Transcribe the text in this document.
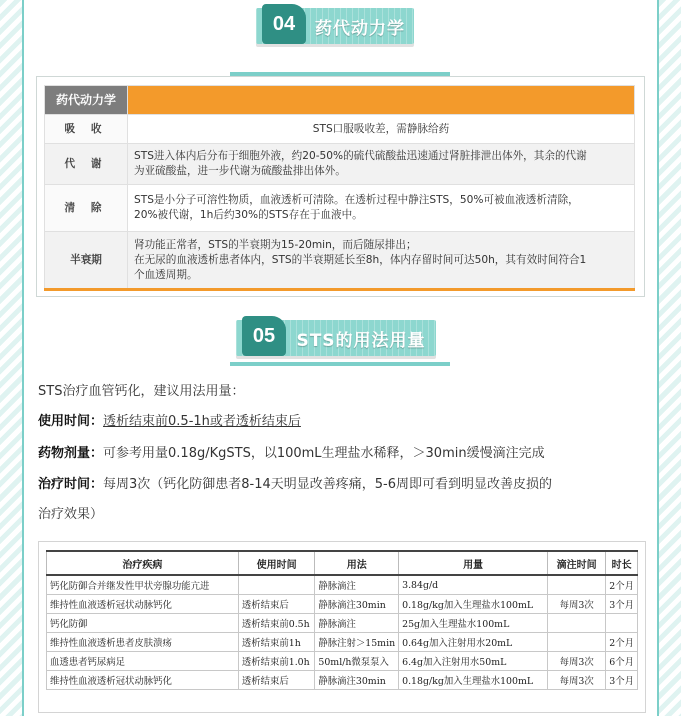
04	药代动力学
药代动力学	
吸 收	STS口服吸收差，需静脉给药
代 谢	STS进入体内后分布于细胞外液，约20-50%的硫代硫酸盐迅速通过肾脏排泄出体外，其余的代谢
为亚硫酸盐，进一步代谢为硫酸盐排出体外。

清 除	STS是小分子可溶性物质，血液透析可清除。在透析过程中静注STS，50%可被血液透析清除，
20%被代谢，1h后约30%的STS存在于血液中。

半衰期	肾功能正常者，STS的半衰期为15-20min，而后随尿排出；
在无尿的血液透析患者体内，STS的半衰期延长至8h，体内存留时间可达50h，其有效时间符合1
个血透周期。
05	STS的用法用量
STS治疗血管钙化，建议用法用量：
使用时间：透析结束前0.5-1h或者透析结束后
药物剂量：可参考用量0.18g/KgSTS，以100mL生理盐水稀释，＞30min缓慢滴注完成
治疗时间：每周3次（钙化防御患者8-14天明显改善疼痛，5-6周即可看到明显改善皮损的
治疗效果）
治疗疾病	使用时间	用法	用量	滴注时间	时长
钙化防御合并继发性甲状旁腺功能亢进		静脉滴注	3.84g/d		2个月
维持性血液透析冠状动脉钙化	透析结束后	静脉滴注30min	0.18g/kg加入生理盐水100mL	每周3次	3个月
钙化防御	透析结束前0.5h	静脉滴注	25g加入生理盐水100mL		
维持性血液透析患者皮肤溃疡	透析结束前1h	静脉注射＞15min	0.64g加入注射用水20mL		2个月
血透患者钙尿病足	透析结束前1.0h	50ml/h微泵泵入	6.4g加入注射用水50mL	每周3次	6个月
维持性血液透析冠状动脉钙化	透析结束后	静脉滴注30min	0.18g/kg加入生理盐水100mL	每周3次	3个月
